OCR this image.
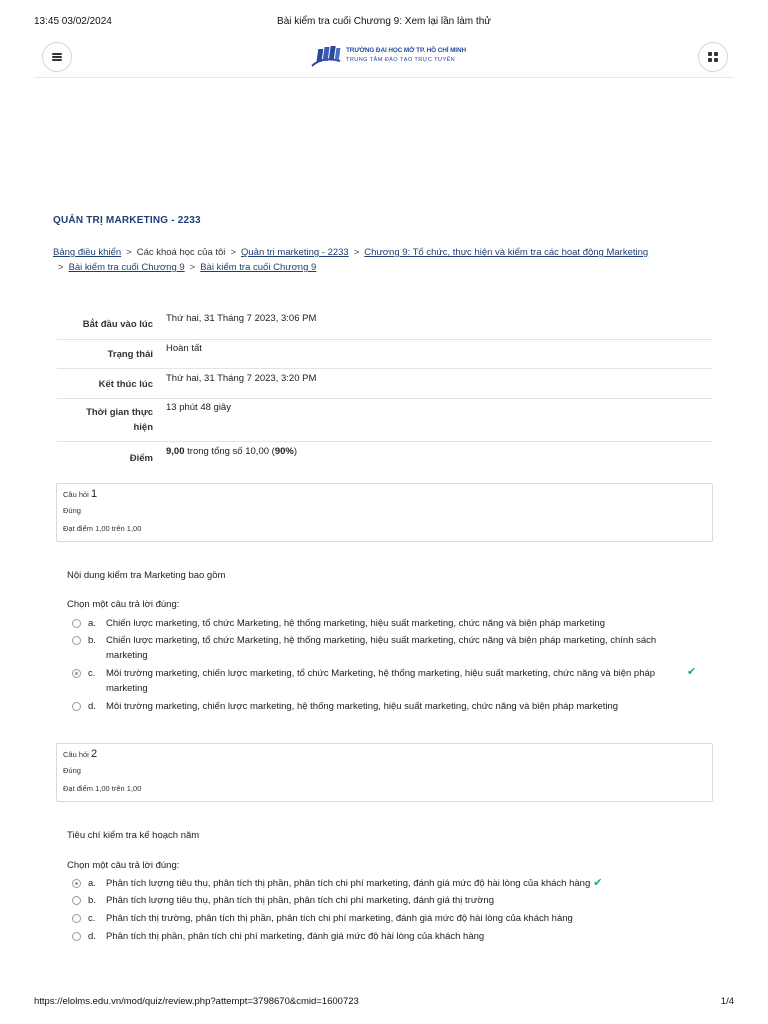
13:45 03/02/2024	Bài kiểm tra cuối Chương 9: Xem lại lần làm thử
TRƯỜNG ĐẠI HỌC MỞ TP. HỒ CHÍ MINH
TRUNG TÂM ĐÀO TẠO TRỰC TUYẾN
QUẢN TRỊ MARKETING - 2233
Bảng điều khiển > Các khoá học của tôi > Quản trị marketing - 2233 > Chương 9: Tổ chức, thực hiện và kiểm tra các hoạt động Marketing
> Bài kiểm tra cuối Chương 9 > Bài kiểm tra cuối Chương 9
Bắt đầu vào lúc
Thứ hai, 31 Tháng 7 2023, 3:06 PM
Trạng thái
Hoàn tất
Kết thúc lúc
Thứ hai, 31 Tháng 7 2023, 3:20 PM
Thời gian thực
hiện
13 phút 48 giây
Điểm
9,00 trong tổng số 10,00 (90%)
Câu hỏi 1
Đúng
Đạt điểm 1,00 trên 1,00
Nội dung kiểm tra Marketing bao gồm
Chọn một câu trả lời đúng:
a. Chiến lược marketing, tổ chức Marketing, hệ thống marketing, hiệu suất marketing, chức năng và biện pháp marketing
b. Chiến lược marketing, tổ chức Marketing, hệ thống marketing, hiệu suất marketing, chức năng và biện pháp marketing, chính sách marketing
c. Môi trường marketing, chiến lược marketing, tổ chức Marketing, hệ thống marketing, hiệu suất marketing, chức năng và biện pháp marketing
✔
d. Môi trường marketing, chiến lược marketing, hệ thống marketing, hiệu suất marketing, chức năng và biện pháp marketing
Câu hỏi 2
Đúng
Đạt điểm 1,00 trên 1,00
Tiêu chí kiểm tra kế hoạch năm
Chọn một câu trả lời đúng:
a. Phân tích lượng tiêu thụ, phân tích thị phần, phân tích chi phí marketing, đánh giá mức độ hài lòng của khách hàng ✔
b. Phân tích lượng tiêu thụ, phân tích thị phần, phân tích chi phí marketing, đánh giá thị trường
c. Phân tích thị trường, phân tích thị phần, phân tích chi phí marketing, đánh giá mức độ hài lòng của khách hàng
d. Phân tích thị phần, phân tích chi phí marketing, đánh giá mức độ hài lòng của khách hàng
https://elolms.edu.vn/mod/quiz/review.php?attempt=3798670&cmid=1600723	1/4
